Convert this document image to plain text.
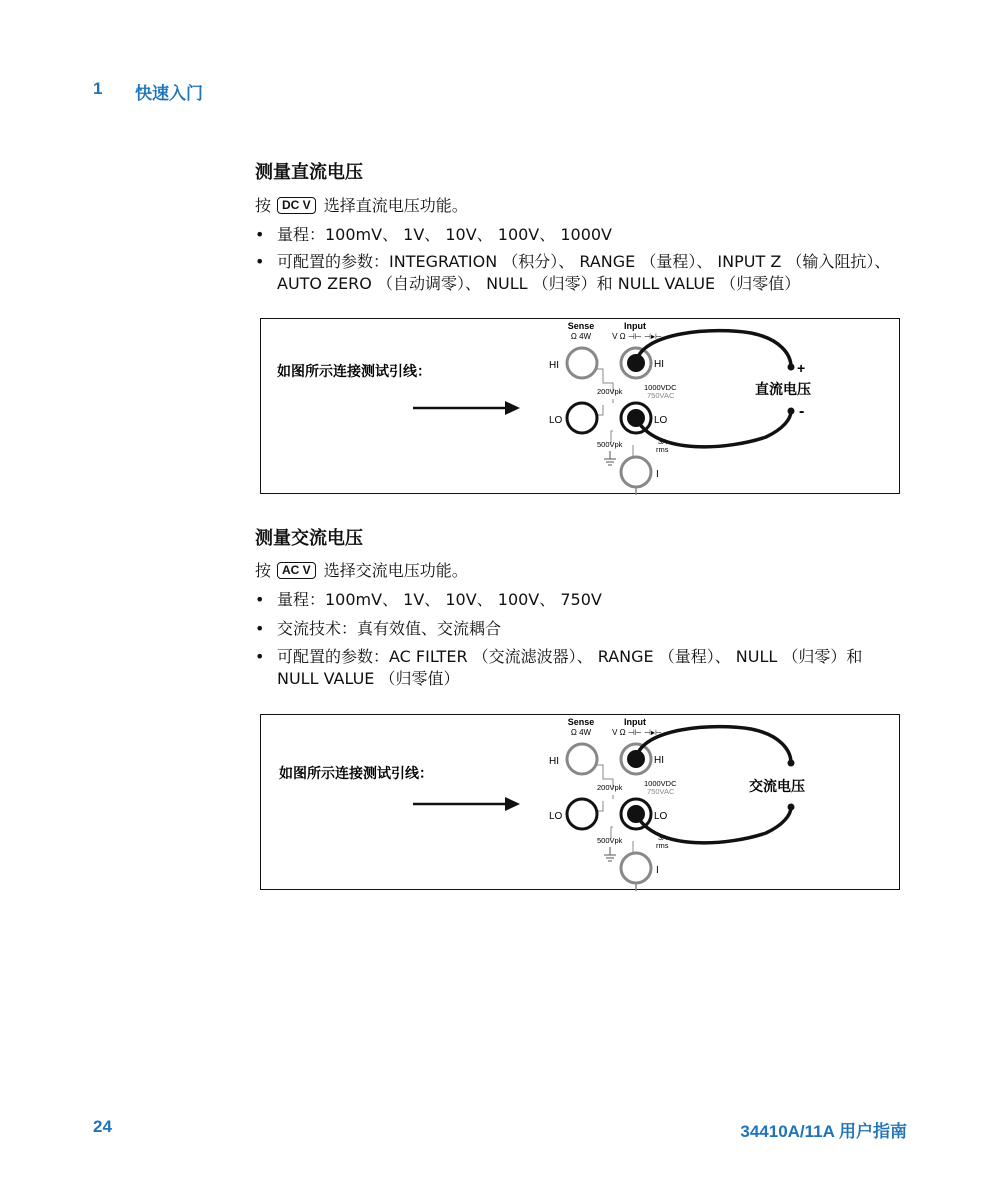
1 快速入门
测量直流电压
按 DC V 选择直流电压功能。
• 量程：100mV、 1V、 10V、 100V、 1000V
• 可配置的参数：INTEGRATION （积分）、 RANGE （量程）、 INPUT Z （输入阻抗）、 AUTO ZERO （自动调零）、 NULL （归零）和 NULL VALUE （归零值）
如图所示连接测试引线：
Sense
Ω 4W
Input
V Ω ⊣⊢ ⊣▸⊢
HI
LO
HI
LO
200Vpk	1000VDC
750VAC
500Vpk	3A
rms
I
+
-
直流电压
测量交流电压
按 AC V 选择交流电压功能。
• 量程：100mV、 1V、 10V、 100V、 750V
• 交流技术：真有效值、交流耦合
• 可配置的参数：AC FILTER （交流滤波器）、 RANGE （量程）、 NULL （归零）和 NULL VALUE （归零值）
如图所示连接测试引线：
Sense
Ω 4W
Input
V Ω ⊣⊢ ⊣▸⊢
HI
LO
HI
LO
200Vpk	1000VDC
750VAC
500Vpk	3A
rms
I
交流电压
24	34410A/11A 用户指南
